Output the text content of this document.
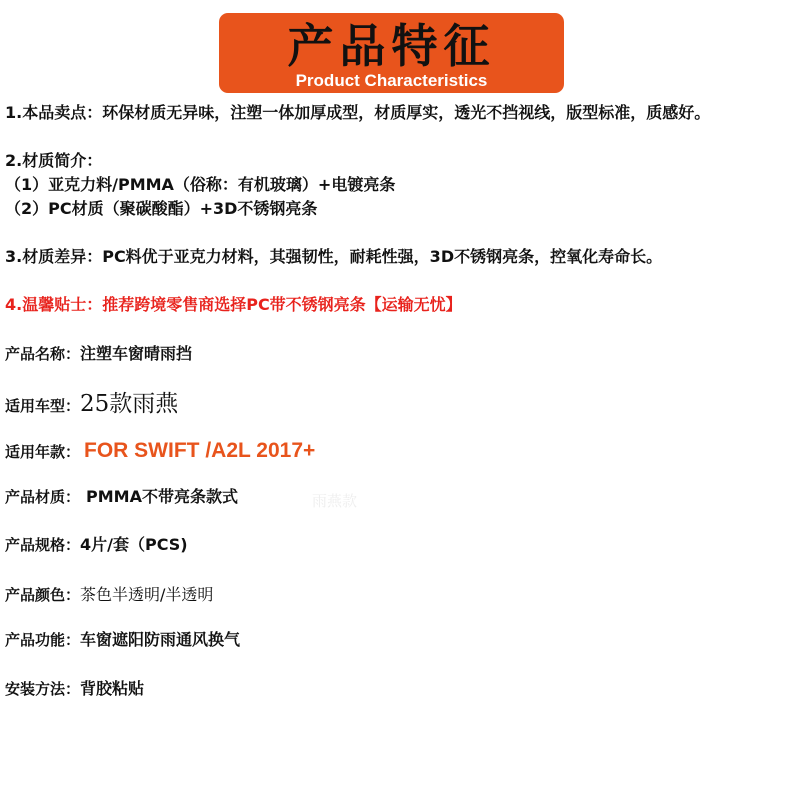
产品特征
Product Characteristics
1.本品卖点：环保材质无异味，注塑一体加厚成型，材质厚实，透光不挡视线，版型标准，质感好。
2.材质简介：
（1）亚克力料/PMMA（俗称：有机玻璃）+电镀亮条
（2）PC材质（聚碳酸酯）+3D不锈钢亮条
3.材质差异：PC料优于亚克力材料，其强韧性，耐耗性强，3D不锈钢亮条，控氧化寿命长。
4.温馨贴士：推荐跨境零售商选择PC带不锈钢亮条【运输无忧】
产品名称：注塑车窗晴雨挡
适用车型：25款雨燕
适用年款： FOR SWIFT /A2L 2017+
产品材质： PMMA不带亮条款式	雨燕款
产品规格：4片/套（PCS)
产品颜色：茶色半透明/半透明
产品功能：车窗遮阳防雨通风换气
安装方法：背胶粘贴
